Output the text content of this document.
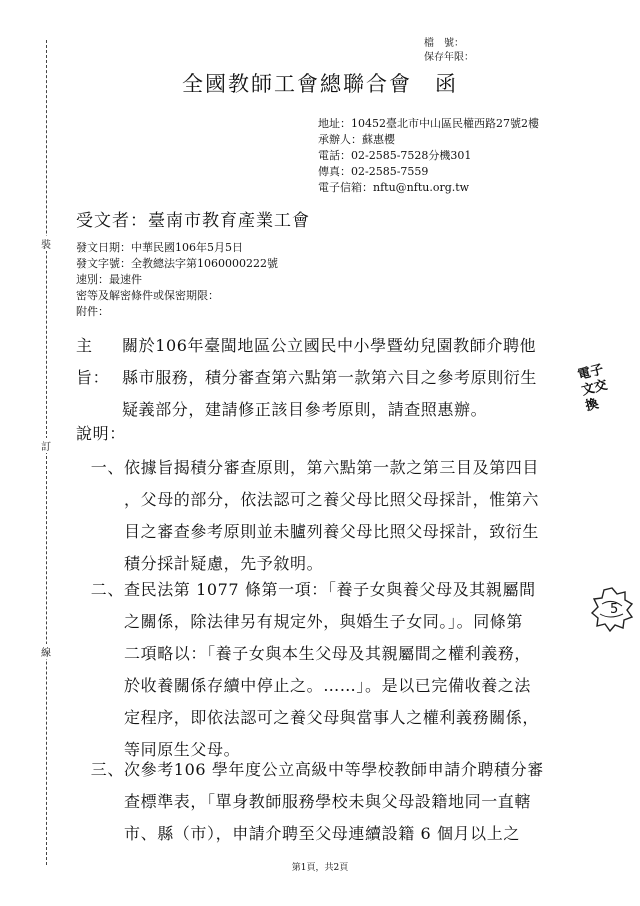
裝
訂
線
檔　號：
保存年限：
全國教師工會總聯合會　函
地址：10452臺北市中山區民權西路27號2樓
承辦人：蘇惠櫻
電話：02-2585-7528分機301
傳真：02-2585-7559
電子信箱：nftu@nftu.org.tw
受文者：臺南市教育產業工會
發文日期：中華民國106年5月5日
發文字號：全教總法字第1060000222號
速別：最速件
密等及解密條件或保密期限：
附件：
主旨：
關於106年臺閩地區公立國民中小學暨幼兒園教師介聘他
縣市服務，積分審查第六點第一款第六目之參考原則衍生
疑義部分，建請修正該目參考原則，請查照惠辦。
說明：
一、 依據旨揭積分審查原則，第六點第一款之第三目及第四目
，父母的部分，依法認可之養父母比照父母採計，惟第六
目之審查參考原則並未臚列養父母比照父母採計，致衍生
積分採計疑慮，先予敘明。
二、 查民法第 1077 條第一項：「養子女與養父母及其親屬間
之關係，除法律另有規定外，與婚生子女同。」。同條第
二項略以：「養子女與本生父母及其親屬間之權利義務，
於收養關係存續中停止之。……」。是以已完備收養之法
定程序，即依法認可之養父母與當事人之權利義務關係，
等同原生父母。
三、 次參考106 學年度公立高級中等學校教師申請介聘積分審
查標準表，「單身教師服務學校未與父母設籍地同一直轄
市、縣（市），申請介聘至父母連續設籍 6 個月以上之
電子
文交
換
5
第1頁，共2頁
